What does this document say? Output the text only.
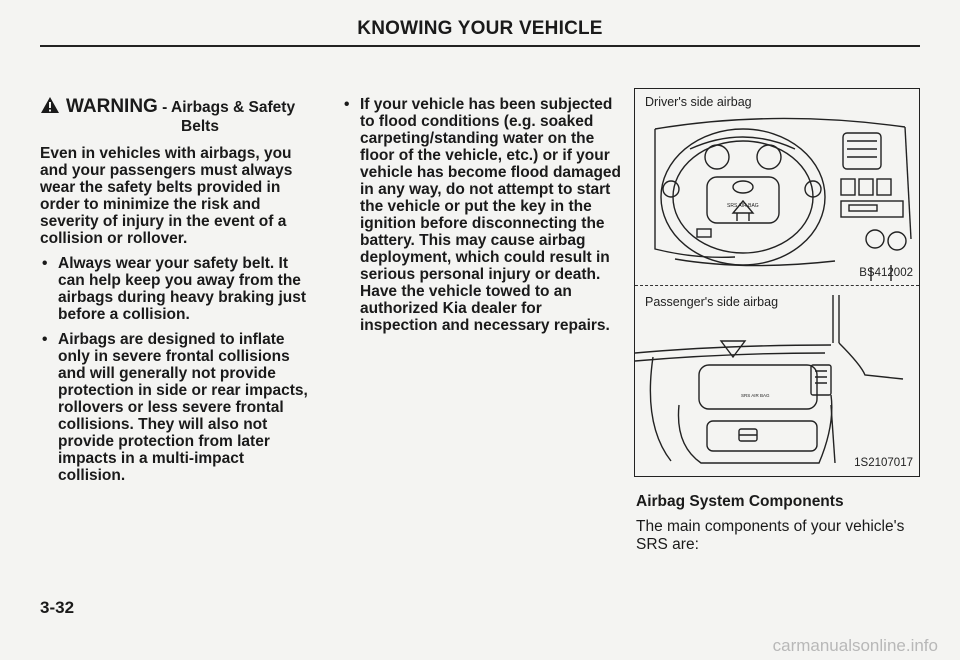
KNOWING YOUR VEHICLE
WARNING - Airbags & Safety
Belts

Even in vehicles with airbags, you and your passengers must always wear the safety belts provided in order to minimize the risk and severity of injury in the event of a collision or rollover.

• Always wear your safety belt. It can help keep you away from the airbags during heavy braking just before a collision.
• Airbags are designed to inflate only in severe frontal collisions and will generally not provide protection in side or rear impacts, rollovers or less severe frontal collisions. They will also not provide protection from later impacts in a multi-impact collision.
• If your vehicle has been subjected to flood conditions (e.g. soaked carpeting/standing water on the floor of the vehicle, etc.) or if your vehicle has become flood damaged in any way, do not attempt to start the vehicle or put the key in the ignition before disconnecting the battery. This may cause airbag deployment, which could result in serious personal injury or death. Have the vehicle towed to an authorized Kia dealer for inspection and necessary repairs.
Driver's side airbag
SRS AIR BAG
BS412002
Passenger's side airbag
SRS AIR BAG
1S2107017
Airbag System Components
The main components of your vehicle's SRS are:
3-32
carmanualsonline.info
